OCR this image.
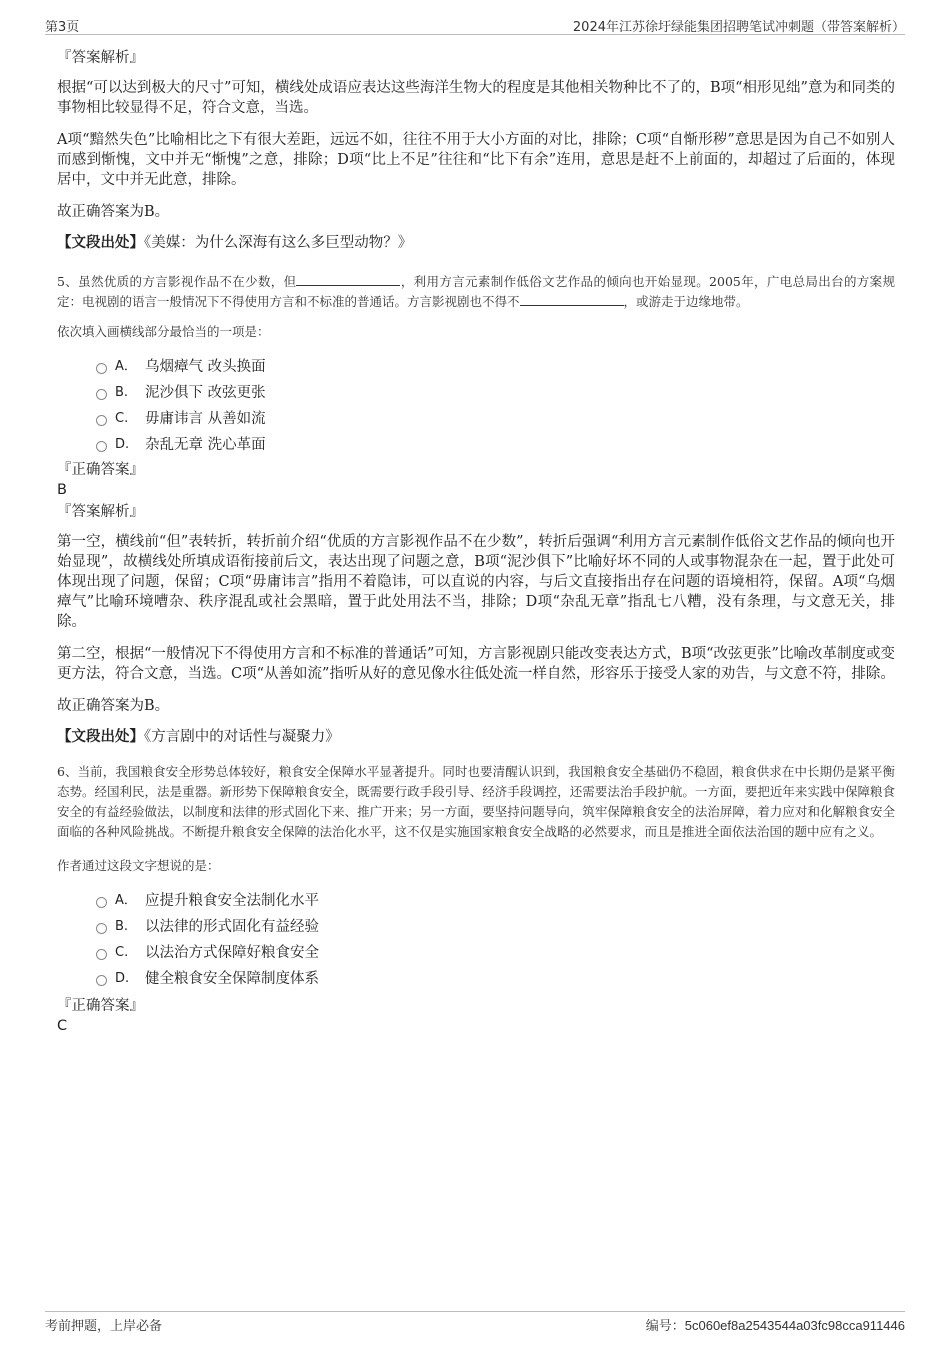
第3页	2024年江苏徐圩绿能集团招聘笔试冲刺题（带答案解析）
『答案解析』

根据“可以达到极大的尺寸”可知，横线处成语应表达这些海洋生物大的程度是其他相关物种比不了的，B项“相形见绌”意为和同类的事物相比较显得不足，符合文意，当选。

A项“黯然失色”比喻相比之下有很大差距，远远不如，往往不用于大小方面的对比，排除；C项“自惭形秽”意思是因为自己不如别人而感到惭愧，文中并无“惭愧”之意，排除；D项“比上不足”往往和“比下有余”连用，意思是赶不上前面的，却超过了后面的，体现居中，文中并无此意，排除。

故正确答案为B。

【文段出处】《美媒：为什么深海有这么多巨型动物？》

5、虽然优质的方言影视作品不在少数，但	，利用方言元素制作低俗文艺作品的倾向也开始显现。2005年，广电总局出台的方案规定：电视剧的语言一般情况下不得使用方言和不标准的普通话。方言影视剧也不得不	，或游走于边缘地带。

依次填入画横线部分最恰当的一项是：

A． 乌烟瘴气 改头换面
B. 泥沙俱下 改弦更张
C. 毋庸讳言 从善如流
D. 杂乱无章 洗心革面
『正确答案』

B

『答案解析』

第一空，横线前“但”表转折，转折前介绍“优质的方言影视作品不在少数”，转折后强调“利用方言元素制作低俗文艺作品的倾向也开始显现”，故横线处所填成语衔接前后文，表达出现了问题之意，B项“泥沙俱下”比喻好坏不同的人或事物混杂在一起，置于此处可体现出现了问题，保留；C项“毋庸讳言”指用不着隐讳，可以直说的内容，与后文直接指出存在问题的语境相符，保留。A项“乌烟瘴气”比喻环境嘈杂、秩序混乱或社会黑暗，置于此处用法不当，排除；D项“杂乱无章”指乱七八糟，没有条理，与文意无关，排除。

第二空，根据“一般情况下不得使用方言和不标准的普通话”可知，方言影视剧只能改变表达方式，B项“改弦更张”比喻改革制度或变更方法，符合文意，当选。C项“从善如流”指听从好的意见像水往低处流一样自然，形容乐于接受人家的劝告，与文意不符，排除。

故正确答案为B。

【文段出处】《方言剧中的对话性与凝聚力》

6、当前，我国粮食安全形势总体较好，粮食安全保障水平显著提升。同时也要清醒认识到，我国粮食安全基础仍不稳固，粮食供求在中长期仍是紧平衡态势。经国利民，法是重器。新形势下保障粮食安全，既需要行政手段引导、经济手段调控，还需要法治手段护航。一方面，要把近年来实践中保障粮食安全的有益经验做法，以制度和法律的形式固化下来、推广开来；另一方面，要坚持问题导向，筑牢保障粮食安全的法治屏障，着力应对和化解粮食安全面临的各种风险挑战。不断提升粮食安全保障的法治化水平，这不仅是实施国家粮食安全战略的必然要求，而且是推进全面依法治国的题中应有之义。

作者通过这段文字想说的是：

A． 应提升粮食安全法制化水平
B. 以法律的形式固化有益经验
C. 以法治方式保障好粮食安全
D. 健全粮食安全保障制度体系
『正确答案』

C

考前押题，上岸必备	编号：5c060ef8a2543544a03fc98cca911446
